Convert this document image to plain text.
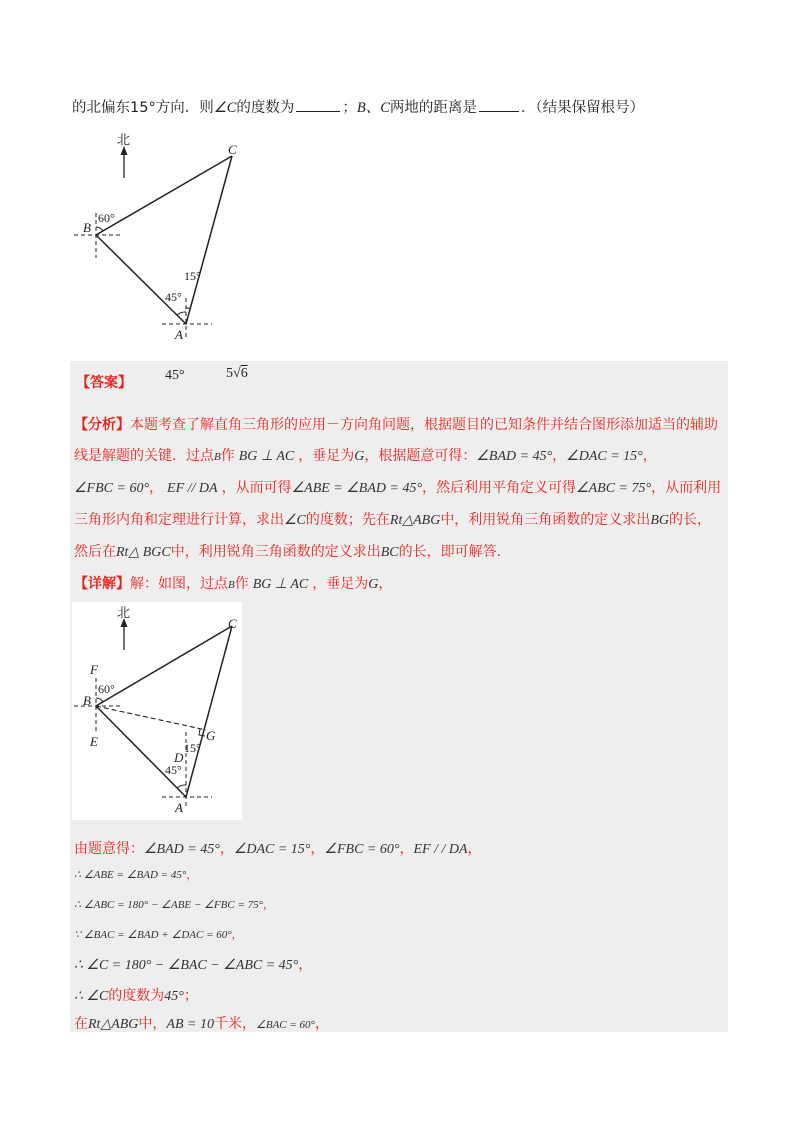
的北偏东15°方向．则∠C的度数为	；B、C两地的距离是	．（结果保留根号）
北
C
B
A
60°
45°
15°
【答案】 45°	5√6
【分析】本题考查了解直角三角形的应用－方向角问题，根据题目的已知条件并结合图形添加适当的辅助
线是解题的关键．过点B作 BG ⊥ AC ，垂足为G，根据题意可得：∠BAD = 45°，∠DAC = 15°，
∠FBC = 60°， EF // DA ，从而可得∠ABE = ∠BAD = 45°，然后利用平角定义可得∠ABC = 75°，从而利用
三角形内角和定理进行计算，求出∠C的度数；先在Rt△ABG中，利用锐角三角函数的定义求出BG的长，
然后在Rt△ BGC中，利用锐角三角函数的定义求出BC的长，即可解答．
【详解】解：如图，过点B作 BG ⊥ AC ，垂足为G，
北
C
B
A
F
E
D
G
60°
45°
15°
由题意得：∠BAD = 45°，∠DAC = 15°，∠FBC = 60°，EF / / DA，
∴ ∠ABE = ∠BAD = 45°，
∴ ∠ABC = 180° − ∠ABE − ∠FBC = 75°，
∵ ∠BAC = ∠BAD + ∠DAC = 60°，
∴ ∠C = 180° − ∠BAC − ∠ABC = 45°，
∴ ∠C的度数为45°；
在Rt△ABG中，AB = 10千米，∠BAC = 60°，
